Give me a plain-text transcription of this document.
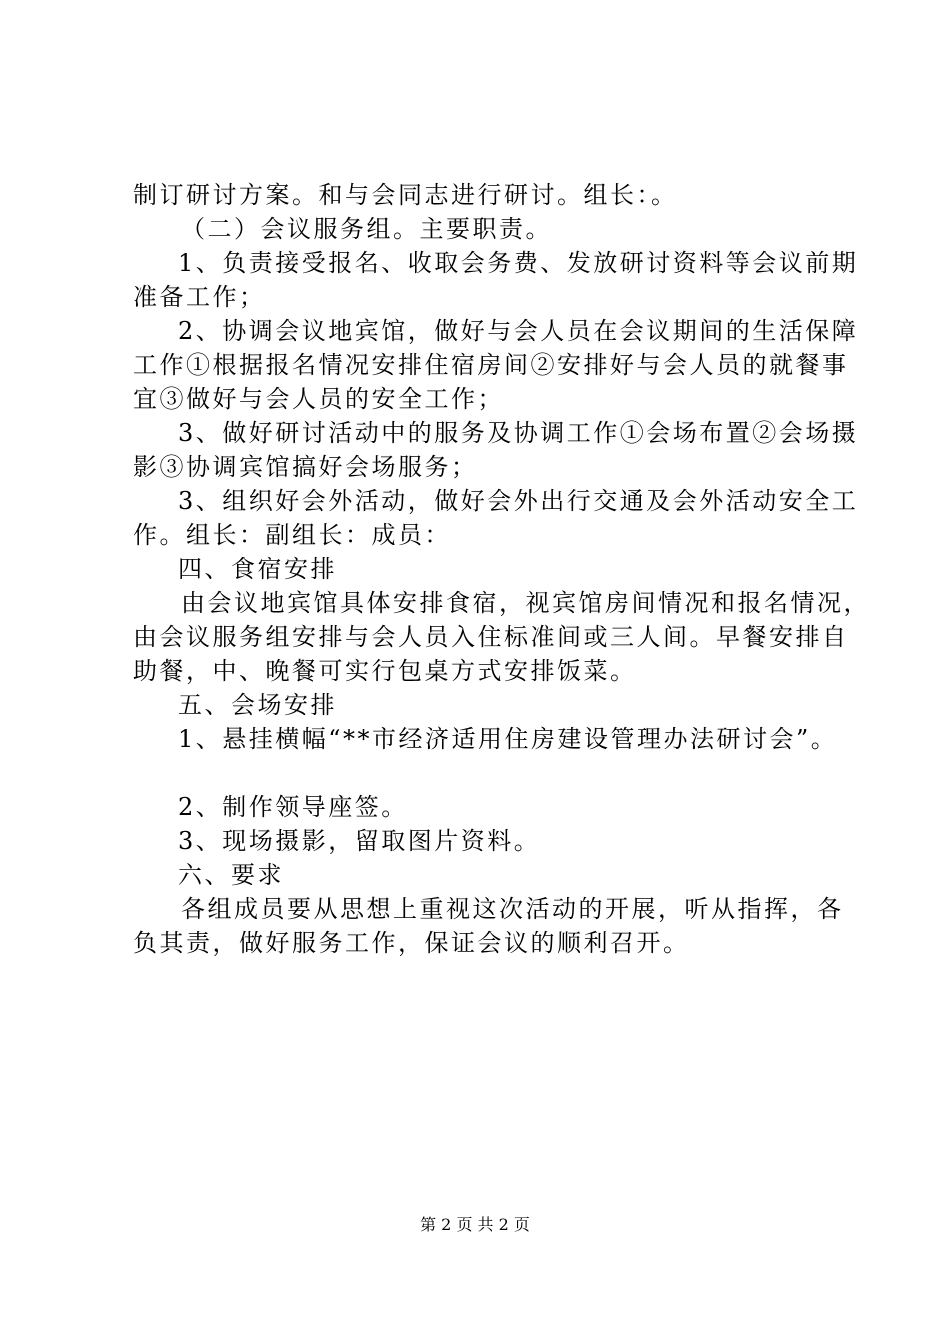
制订研讨方案。和与会同志进行研讨。组长：。
（二）会议服务组。主要职责。
1、负责接受报名、收取会务费、发放研讨资料等会议前期
准备工作；
2、协调会议地宾馆，做好与会人员在会议期间的生活保障
工作①根据报名情况安排住宿房间②安排好与会人员的就餐事
宜③做好与会人员的安全工作；
3、做好研讨活动中的服务及协调工作①会场布置②会场摄
影③协调宾馆搞好会场服务；
3、组织好会外活动，做好会外出行交通及会外活动安全工
作。组长：副组长：成员：
四、食宿安排
由会议地宾馆具体安排食宿，视宾馆房间情况和报名情况，
由会议服务组安排与会人员入住标准间或三人间。早餐安排自
助餐，中、晚餐可实行包桌方式安排饭菜。
五、会场安排
1、悬挂横幅“**市经济适用住房建设管理办法研讨会”。
2、制作领导座签。
3、现场摄影，留取图片资料。
六、要求
各组成员要从思想上重视这次活动的开展，听从指挥，各
负其责，做好服务工作，保证会议的顺利召开。
第 2 页 共 2 页
